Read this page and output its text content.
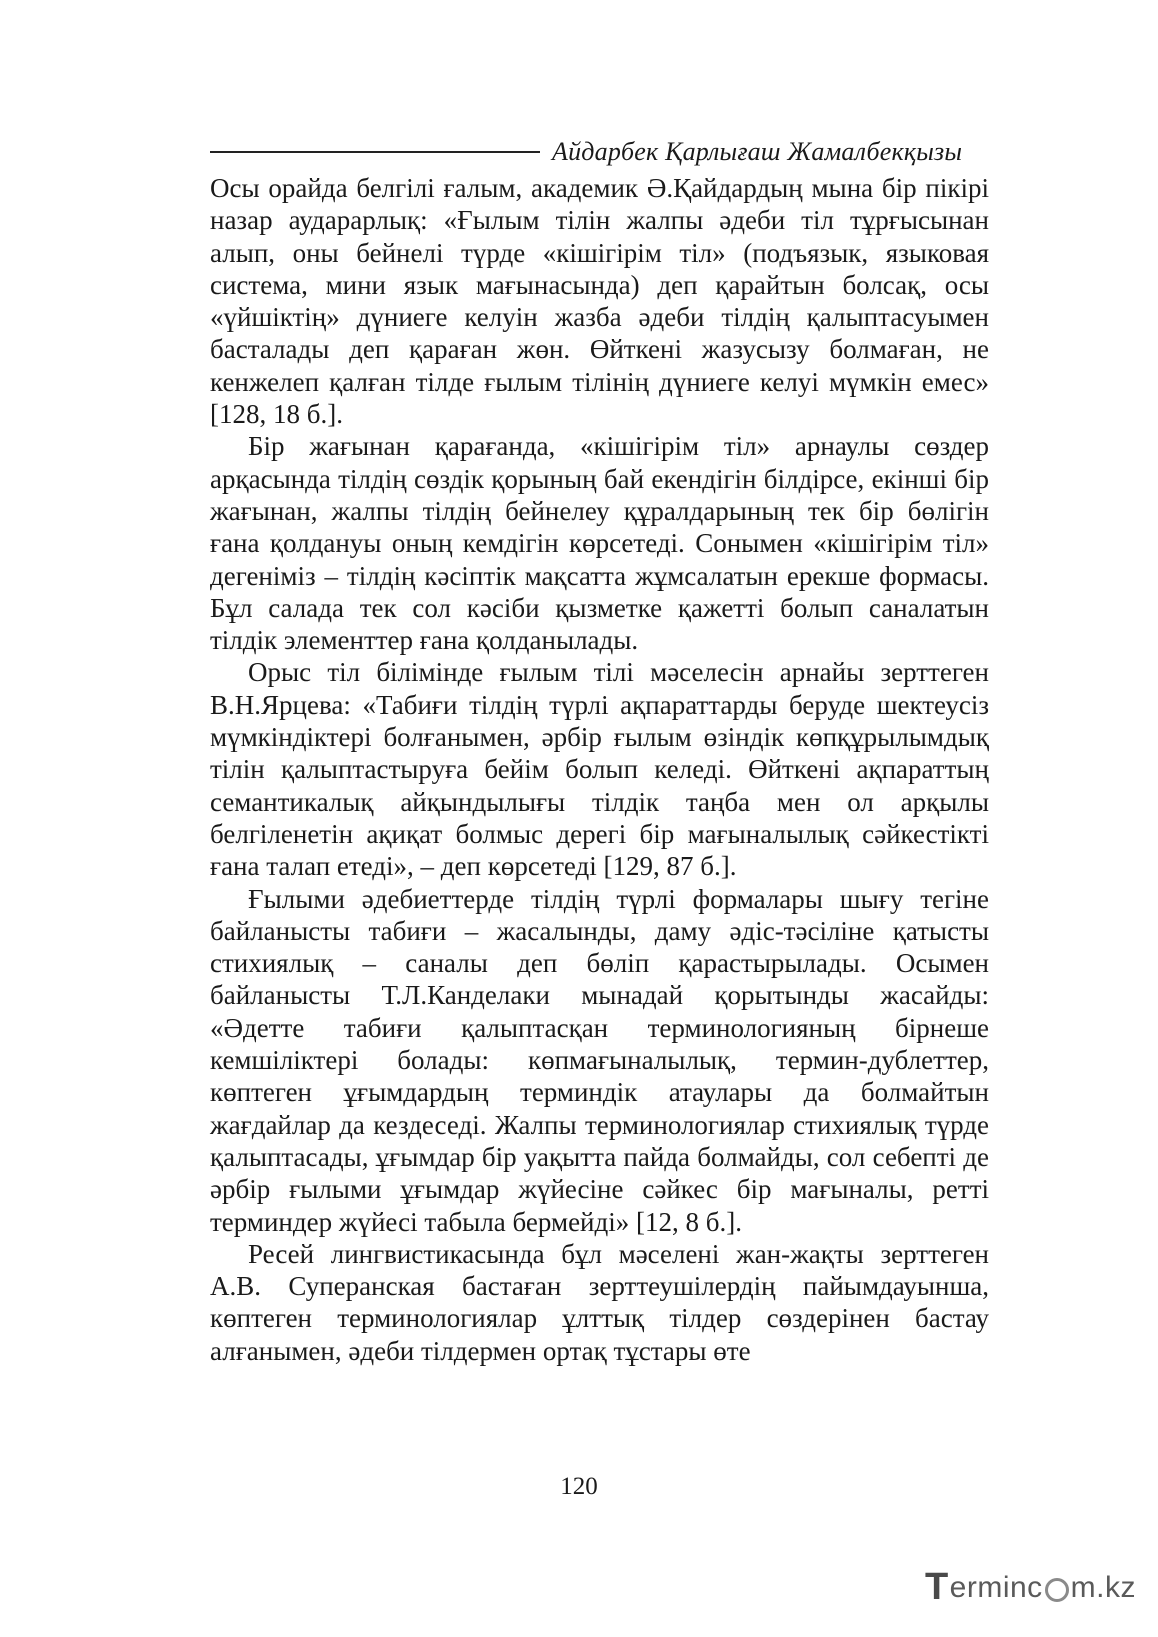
Айдарбек Қарлығаш Жамалбекқызы

Осы орайда белгілі ғалым, академик Ә.Қайдардың мына бір пікірі назар аударарлық: «Ғылым тілін жалпы әдеби тіл тұрғысынан алып, оны бейнелі түрде «кішігірім тіл» (подъязык, языковая система, мини язык мағынасында) деп қарайтын болсақ, осы «үйшіктің» дүниеге келуін жазба әдеби тілдің қалыптасуымен басталады деп қараған жөн. Өйткені жазусызу болмаған, не кенжелеп қалған тілде ғылым тілінің дүниеге келуі мүмкін емес» [128, 18 б.].

Бір жағынан қарағанда, «кішігірім тіл» арнаулы сөздер арқасында тілдің сөздік қорының бай екендігін білдірсе, екінші бір жағынан, жалпы тілдің бейнелеу құралдарының тек бір бөлігін ғана қолдануы оның кемдігін көрсетеді. Сонымен «кішігірім тіл» дегеніміз – тілдің кәсіптік мақсатта жұмсалатын ерекше формасы. Бұл салада тек сол кәсіби қызметке қажетті болып саналатын тілдік элементтер ғана қолданылады.

Орыс тіл білімінде ғылым тілі мәселесін арнайы зерттеген В.Н.Ярцева: «Табиғи тілдің түрлі ақпараттарды беруде шектеусіз мүмкіндіктері болғанымен, әрбір ғылым өзіндік көпқұрылымдық тілін қалыптастыруға бейім болып келеді. Өйткені ақпараттың семантикалық айқындылығы тілдік таңба мен ол арқылы белгіленетін ақиқат болмыс дерегі бір мағыналылық сәйкестікті ғана талап етеді», – деп көрсетеді [129, 87 б.].

Ғылыми әдебиеттерде тілдің түрлі формалары шығу тегіне байланысты табиғи – жасалынды, даму әдіс-тәсіліне қатысты стихиялық – саналы деп бөліп қарастырылады. Осымен байланысты Т.Л.Канделаки мынадай қорытынды жасайды: «Әдетте табиғи қалыптасқан терминологияның бірнеше кемшіліктері болады: көпмағыналылық, термин-дублеттер, көптеген ұғымдардың терминдік атаулары да болмайтын жағдайлар да кездеседі. Жалпы терминологиялар стихиялық түрде қалыптасады, ұғымдар бір уақытта пайда болмайды, сол себепті де әрбір ғылыми ұғымдар жүйесіне сәйкес бір мағыналы, ретті терминдер жүйесі табыла бермейді» [12, 8 б.].

Ресей лингвистикасында бұл мәселені жан-жақты зерттеген А.В. Суперанская бастаған зерттеушілердің пайымдауынша, көптеген терминологиялар ұлттық тілдер сөздерінен бастау алғанымен, әдеби тілдермен ортақ тұстары өте

120
T erminc m.kz
